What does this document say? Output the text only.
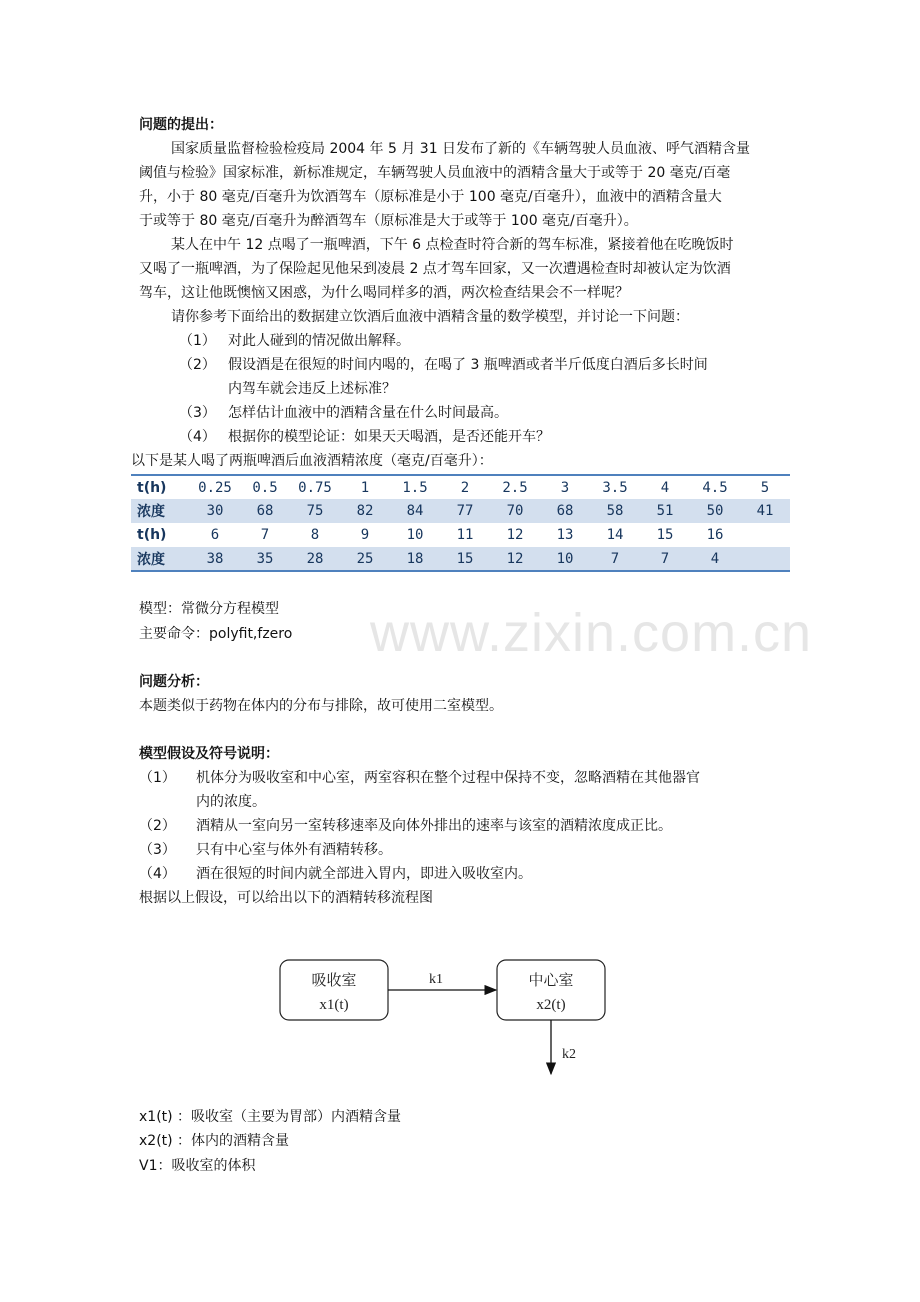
www.zixin.com.cn
问题的提出：
国家质量监督检验检疫局 2004 年 5 月 31 日发布了新的《车辆驾驶人员血液、呼气酒精含量
阈值与检验》国家标准，新标准规定，车辆驾驶人员血液中的酒精含量大于或等于 20 毫克/百毫
升，小于 80 毫克/百毫升为饮酒驾车（原标准是小于 100 毫克/百毫升），血液中的酒精含量大
于或等于 80 毫克/百毫升为醉酒驾车（原标准是大于或等于 100 毫克/百毫升）。
某人在中午 12 点喝了一瓶啤酒，下午 6 点检查时符合新的驾车标准，紧接着他在吃晚饭时
又喝了一瓶啤酒，为了保险起见他呆到凌晨 2 点才驾车回家，又一次遭遇检查时却被认定为饮酒
驾车，这让他既懊恼又困惑，为什么喝同样多的酒，两次检查结果会不一样呢？
请你参考下面给出的数据建立饮酒后血液中酒精含量的数学模型，并讨论一下问题：
（1） 对此人碰到的情况做出解释。
（2） 假设酒是在很短的时间内喝的，在喝了 3 瓶啤酒或者半斤低度白酒后多长时间
内驾车就会违反上述标准？
（3） 怎样估计血液中的酒精含量在什么时间最高。
（4） 根据你的模型论证：如果天天喝酒，是否还能开车？
以下是某人喝了两瓶啤酒后血液酒精浓度（毫克/百毫升）：
t(h)	0.25	0.5	0.75	1	1.5	2	2.5	3	3.5	4	4.5	5
浓度	30	68	75	82	84	77	70	68	58	51	50	41
t(h)	6	7	8	9	10	11	12	13	14	15	16	
浓度	38	35	28	25	18	15	12	10	7	7	4	
模型：常微分方程模型
主要命令：polyfit,fzero
问题分析：
本题类似于药物在体内的分布与排除，故可使用二室模型。
模型假设及符号说明：
（1） 机体分为吸收室和中心室，两室容积在整个过程中保持不变，忽略酒精在其他器官
内的浓度。
（2） 酒精从一室向另一室转移速率及向体外排出的速率与该室的酒精浓度成正比。
（3） 只有中心室与体外有酒精转移。
（4） 酒在很短的时间内就全部进入胃内，即进入吸收室内。
根据以上假设，可以给出以下的酒精转移流程图
吸收室
x1(t)
中心室
x2(t)
k1
k2
x1(t) ：吸收室（主要为胃部）内酒精含量
x2(t) ：体内的酒精含量
V1：吸收室的体积
